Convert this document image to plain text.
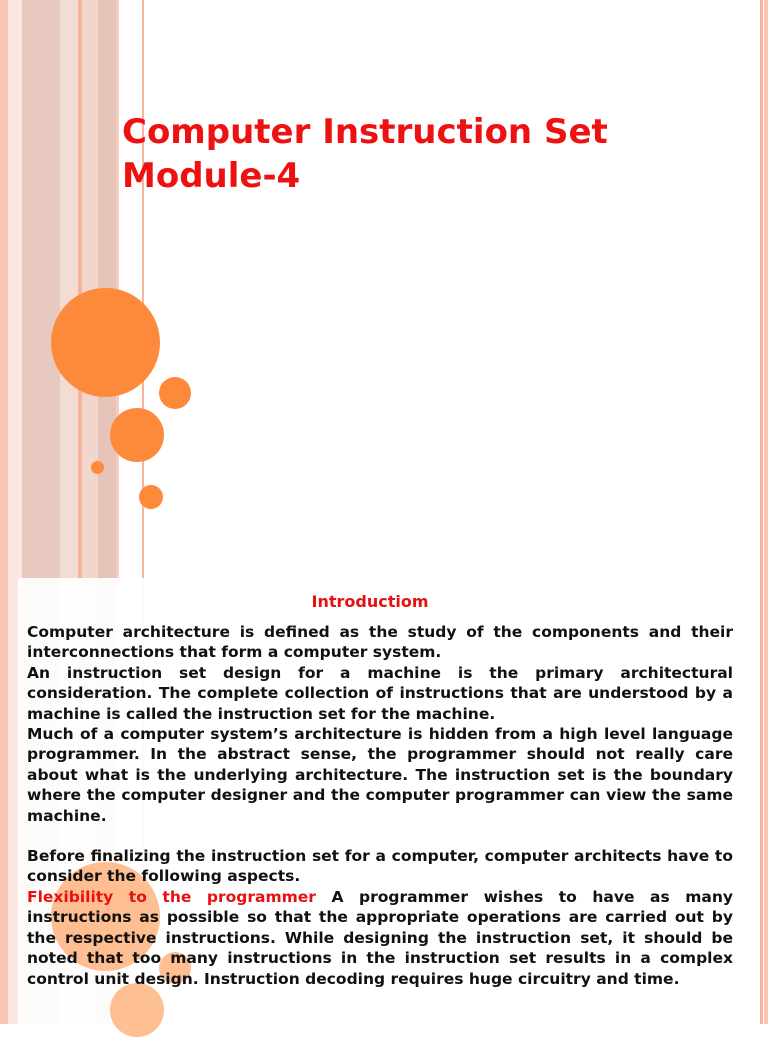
Computer Instruction Set
Module-4
Introductiom

Computer architecture is defined as the study of the components and their interconnections that form a computer system.

An instruction set design for a machine is the primary architectural consideration. The complete collection of instructions that are understood by a machine is called the instruction set for the machine.

Much of a computer system’s architecture is hidden from a high level language programmer. In the abstract sense, the programmer should not really care about what is the underlying architecture. The instruction set is the boundary where the computer designer and the computer programmer can view the same machine.

Before finalizing the instruction set for a computer, computer architects have to consider the following aspects.

Flexibility to the programmer A programmer wishes to have as many instructions as possible so that the appropriate operations are carried out by the respective instructions. While designing the instruction set, it should be noted that too many instructions in the instruction set results in a complex control unit design. Instruction decoding requires huge circuitry and time.
